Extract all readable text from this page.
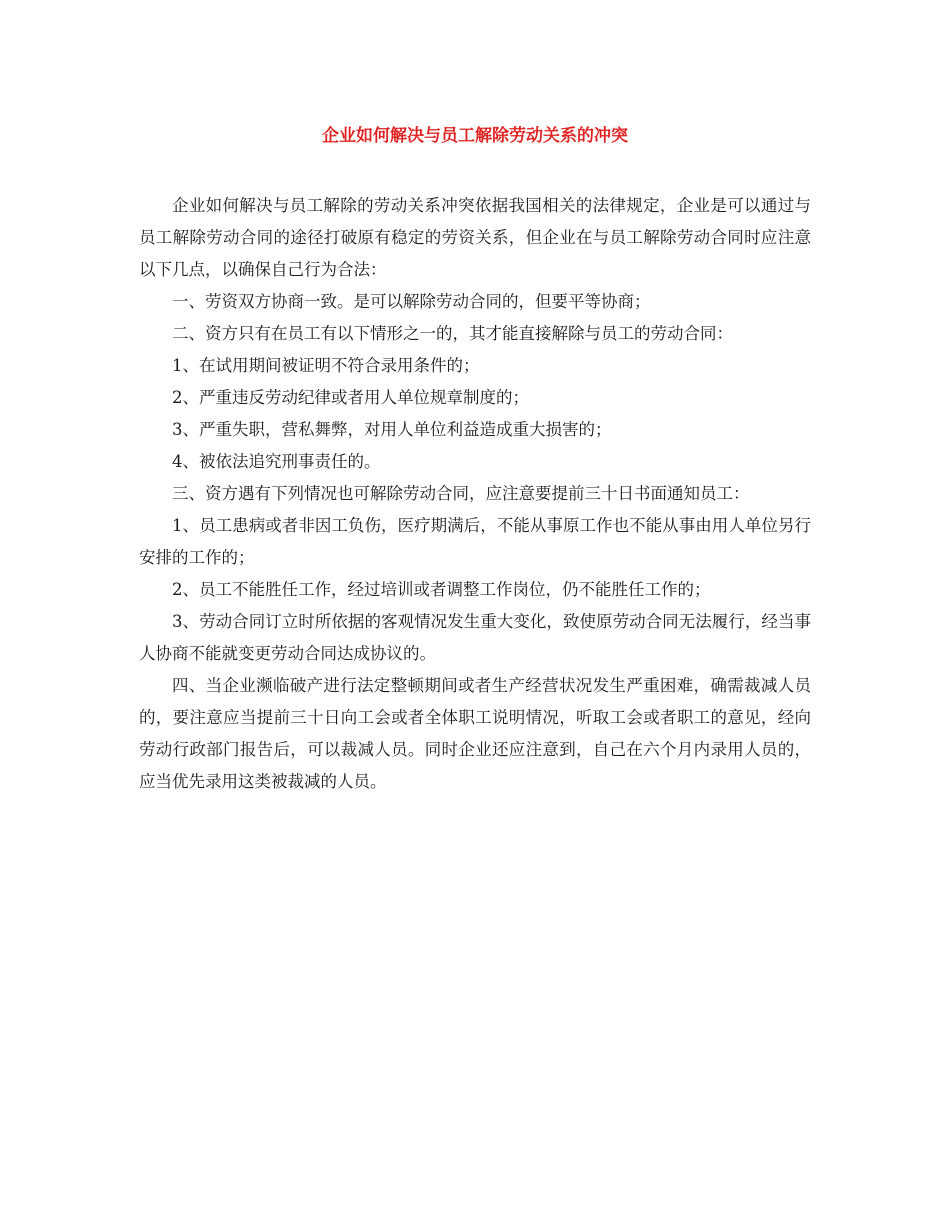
企业如何解决与员工解除劳动关系的冲突

企业如何解决与员工解除的劳动关系冲突依据我国相关的法律规定，企业是可以通过与员工解除劳动合同的途径打破原有稳定的劳资关系，但企业在与员工解除劳动合同时应注意以下几点，以确保自己行为合法：

一、劳资双方协商一致。是可以解除劳动合同的，但要平等协商；

二、资方只有在员工有以下情形之一的，其才能直接解除与员工的劳动合同：

1、在试用期间被证明不符合录用条件的；

2、严重违反劳动纪律或者用人单位规章制度的；

3、严重失职，营私舞弊，对用人单位利益造成重大损害的；

4、被依法追究刑事责任的。

三、资方遇有下列情况也可解除劳动合同，应注意要提前三十日书面通知员工：

1、员工患病或者非因工负伤，医疗期满后，不能从事原工作也不能从事由用人单位另行安排的工作的；

2、员工不能胜任工作，经过培训或者调整工作岗位，仍不能胜任工作的；

3、劳动合同订立时所依据的客观情况发生重大变化，致使原劳动合同无法履行，经当事人协商不能就变更劳动合同达成协议的。

四、当企业濒临破产进行法定整顿期间或者生产经营状况发生严重困难，确需裁减人员的，要注意应当提前三十日向工会或者全体职工说明情况，听取工会或者职工的意见，经向劳动行政部门报告后，可以裁减人员。同时企业还应注意到，自己在六个月内录用人员的，应当优先录用这类被裁减的人员。
